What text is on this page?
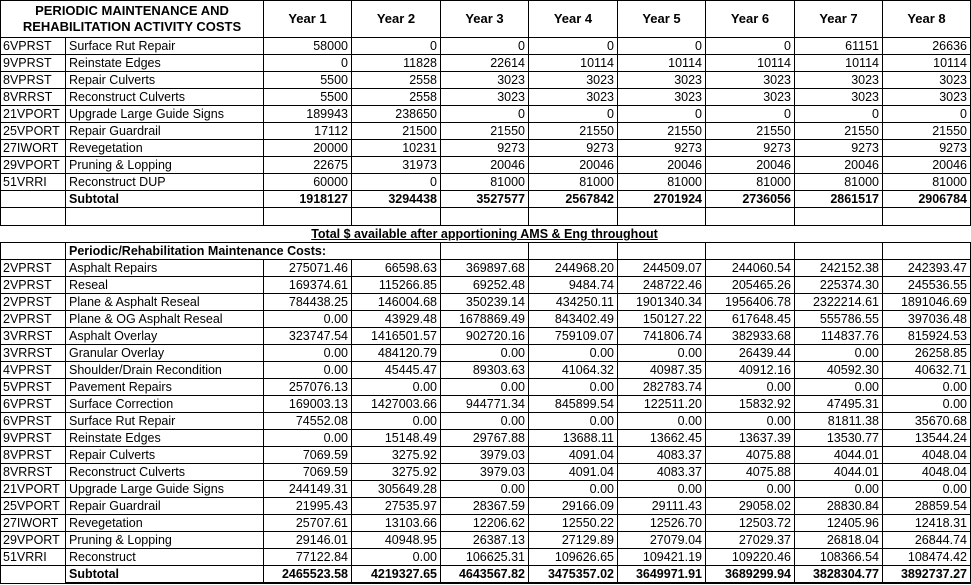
PERIODIC MAINTENANCE AND
REHABILITATION ACTIVITY COSTS		Year 1	Year 2	Year 3	Year 4	Year 5	Year 6	Year 7	Year 8
6VPRST	Surface Rut Repair	58000	0	0	0	0	0	61151	26636
9VPRST	Reinstate Edges	0	11828	22614	10114	10114	10114	10114	10114
8VPRST	Repair Culverts	5500	2558	3023	3023	3023	3023	3023	3023
8VRRST	Reconstruct Culverts	5500	2558	3023	3023	3023	3023	3023	3023
21VPORT	Upgrade Large Guide Signs	189943	238650	0	0	0	0	0	0
25VPORT	Repair Guardrail	17112	21500	21550	21550	21550	21550	21550	21550
27IWORT	Revegetation	20000	10231	9273	9273	9273	9273	9273	9273
29VPORT	Pruning & Lopping	22675	31973	20046	20046	20046	20046	20046	20046
51VRRI	Reconstruct DUP	60000	0	81000	81000	81000	81000	81000	81000
	Subtotal	1918127	3294438	3527577	2567842	2701924	2736056	2861517	2906784

		Total $ available after apportioning AMS & Eng throughout							
	Periodic/Rehabilitation Maintenance Costs:								
2VPRST	Asphalt Repairs	275071.46	66598.63	369897.68	244968.20	244509.07	244060.54	242152.38	242393.47
2VPRST	Reseal	169374.61	115266.85	69252.48	9484.74	248722.46	205465.26	225374.30	245536.55
2VPRST	Plane & Asphalt Reseal	784438.25	146004.68	350239.14	434250.11	1901340.34	1956406.78	2322214.61	1891046.69
2VPRST	Plane & OG Asphalt Reseal	0.00	43929.48	1678869.49	843402.49	150127.22	617648.45	555786.55	397036.48
3VRRST	Asphalt Overlay	323747.54	1416501.57	902720.16	759109.07	741806.74	382933.68	114837.76	815924.53
3VRRST	Granular Overlay	0.00	484120.79	0.00	0.00	0.00	26439.44	0.00	26258.85
4VPRST	Shoulder/Drain Recondition	0.00	45445.47	89303.63	41064.32	40987.35	40912.16	40592.30	40632.71
5VPRST	Pavement Repairs	257076.13	0.00	0.00	0.00	282783.74	0.00	0.00	0.00
6VPRST	Surface Correction	169003.13	1427003.66	944771.34	845899.54	122511.20	15832.92	47495.31	0.00
6VPRST	Surface Rut Repair	74552.08	0.00	0.00	0.00	0.00	0.00	81811.38	35670.68
9VPRST	Reinstate Edges	0.00	15148.49	29767.88	13688.11	13662.45	13637.39	13530.77	13544.24
8VPRST	Repair Culverts	7069.59	3275.92	3979.03	4091.04	4083.37	4075.88	4044.01	4048.04
8VRRST	Reconstruct Culverts	7069.59	3275.92	3979.03	4091.04	4083.37	4075.88	4044.01	4048.04
21VPORT	Upgrade Large Guide Signs	244149.31	305649.28	0.00	0.00	0.00	0.00	0.00	0.00
25VPORT	Repair Guardrail	21995.43	27535.97	28367.59	29166.09	29111.43	29058.02	28830.84	28859.54
27IWORT	Revegetation	25707.61	13103.66	12206.62	12550.22	12526.70	12503.72	12405.96	12418.31
29VPORT	Pruning & Lopping	29146.01	40948.95	26387.13	27129.89	27079.04	27029.37	26818.04	26844.74
51VRRI	Reconstruct	77122.84	0.00	106625.31	109626.65	109421.19	109220.46	108366.54	108474.42
	Subtotal	2465523.58	4219327.65	4643567.82	3475357.02	3649971.91	3689299.94	3828304.77	3892737.27
